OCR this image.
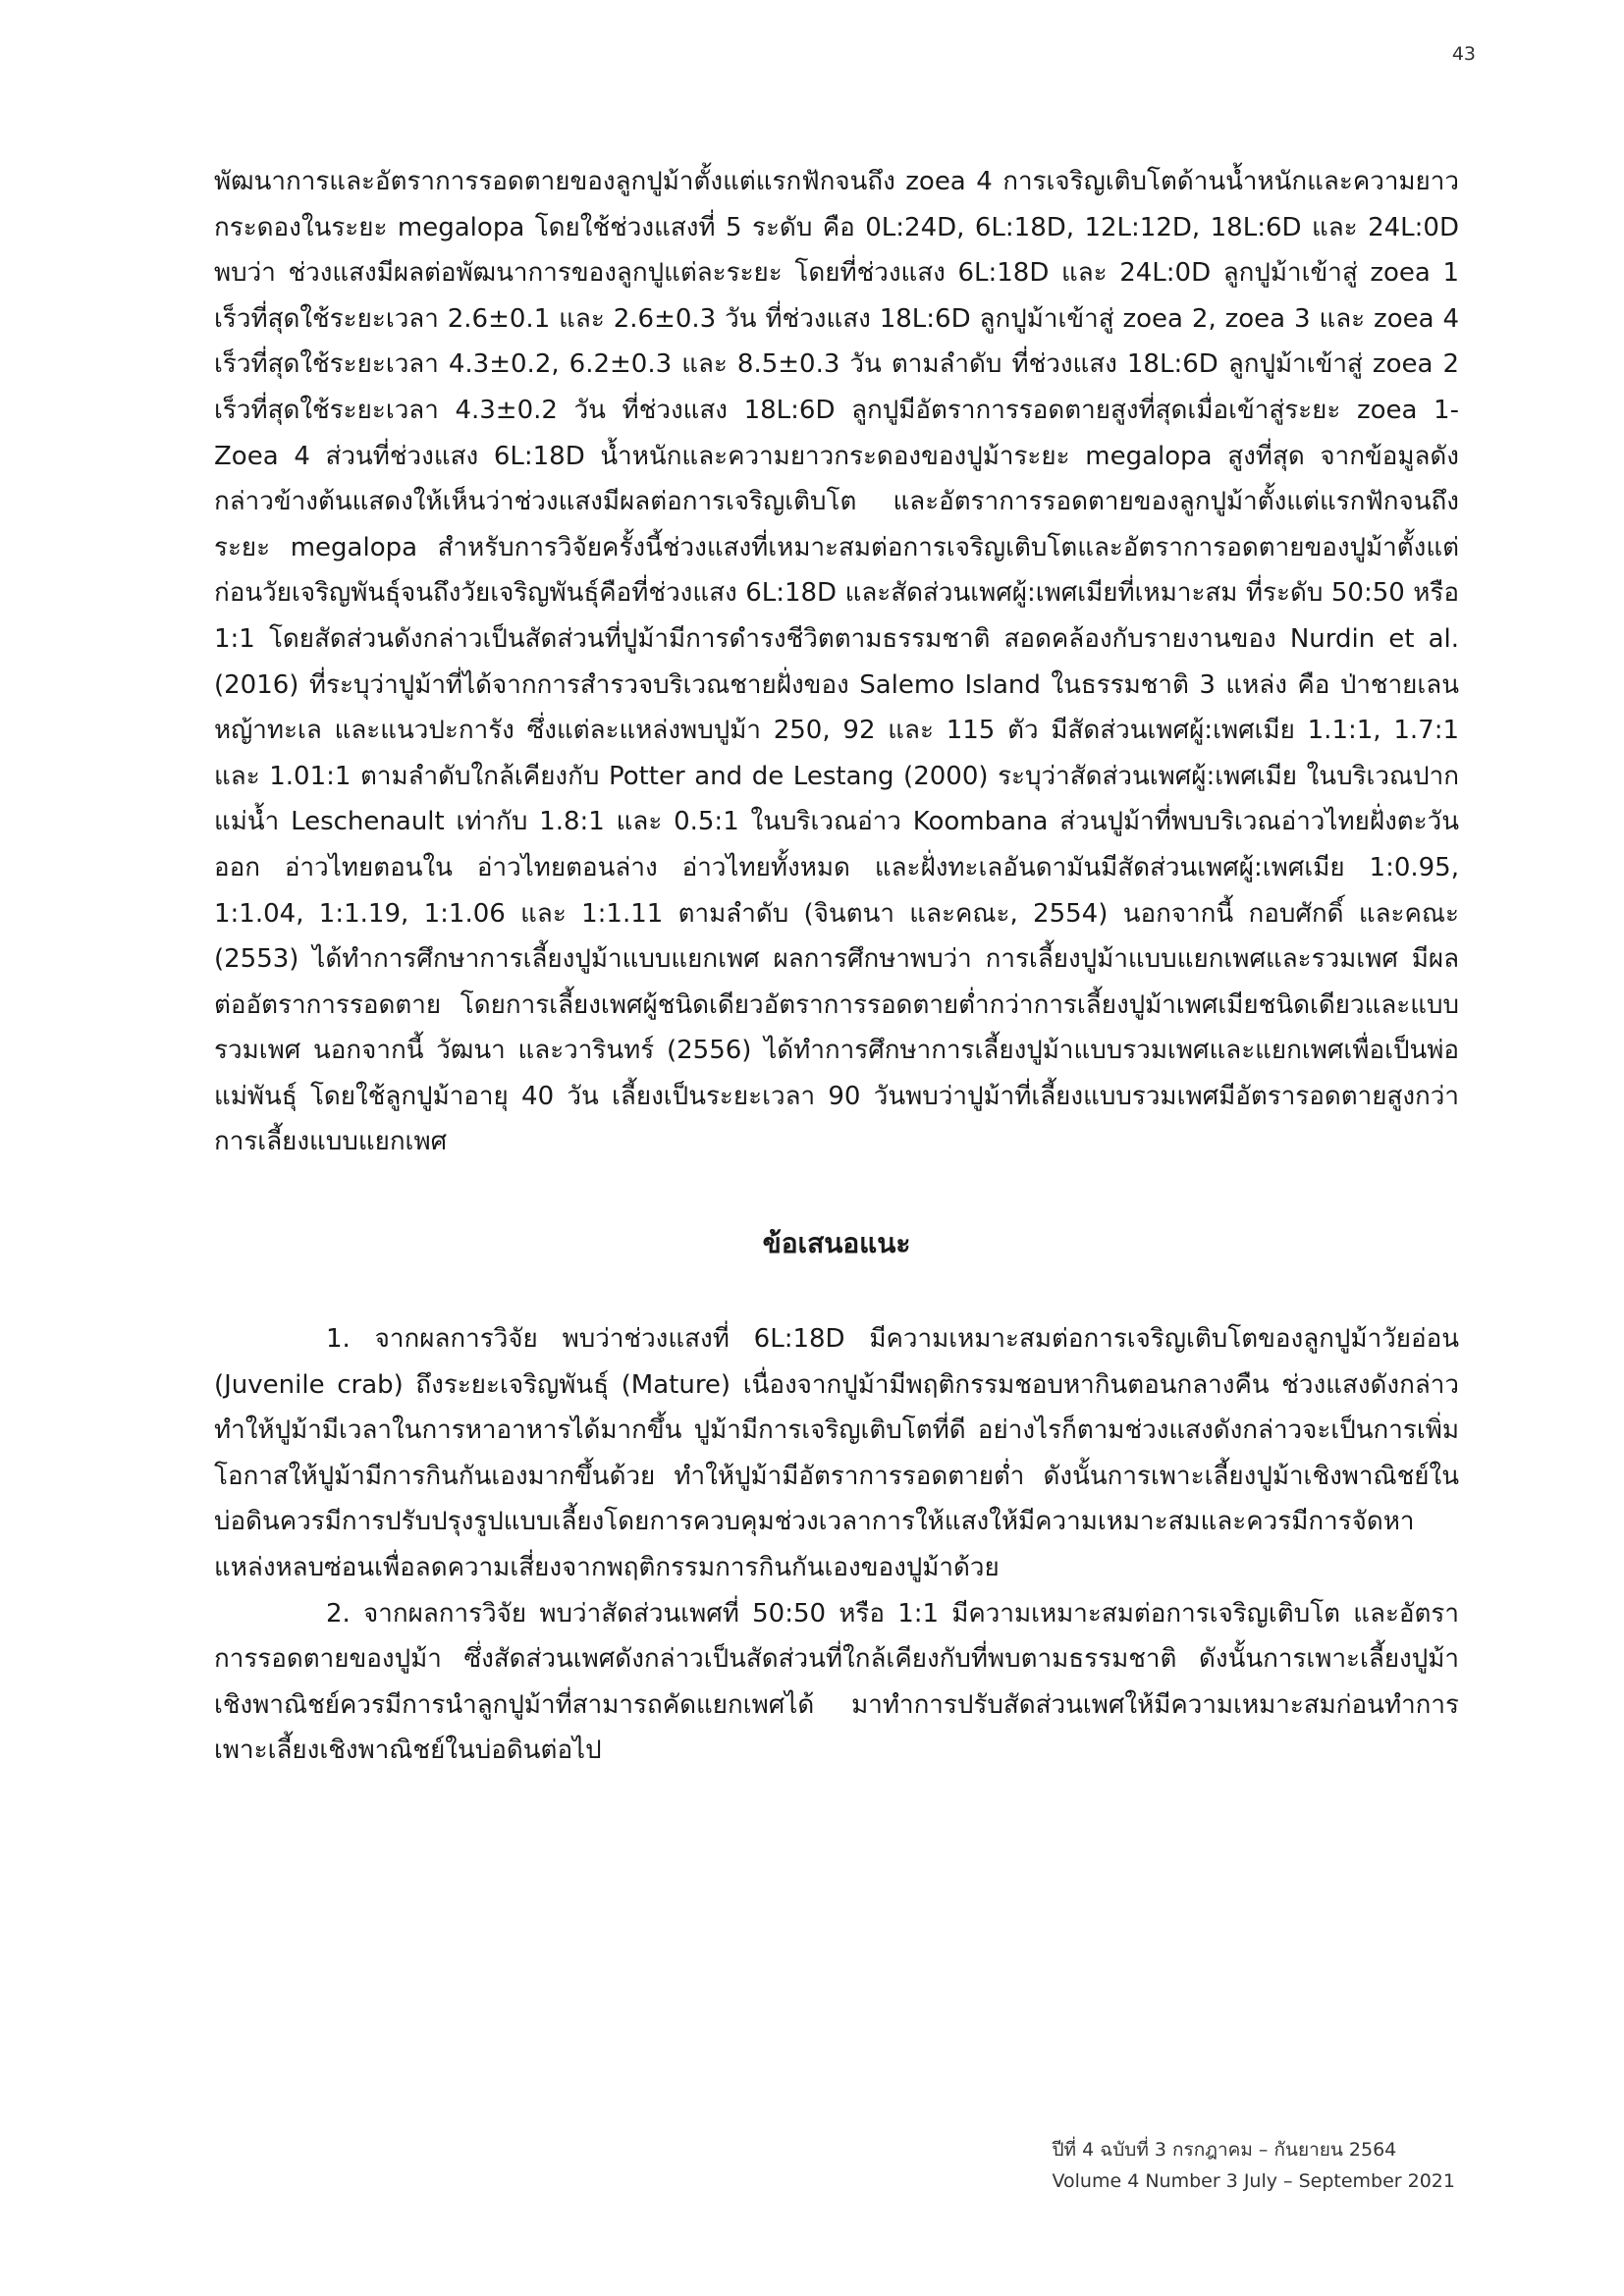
43

พัฒนาการและอัตราการรอดตายของลูกปูม้าตั้งแต่แรกฟักจนถึง zoea 4 การเจริญเติบโตด้านน้ำหนักและความยาวกระดองในระยะ megalopa โดยใช้ช่วงแสงที่ 5 ระดับ คือ 0L:24D, 6L:18D, 12L:12D, 18L:6D และ 24L:0D พบว่า ช่วงแสงมีผลต่อพัฒนาการของลูกปูแต่ละระยะ โดยที่ช่วงแสง 6L:18D และ 24L:0D ลูกปูม้าเข้าสู่ zoea 1 เร็วที่สุดใช้ระยะเวลา 2.6±0.1 และ 2.6±0.3 วัน ที่ช่วงแสง 18L:6D ลูกปูม้าเข้าสู่ zoea 2, zoea 3 และ zoea 4 เร็วที่สุดใช้ระยะเวลา 4.3±0.2, 6.2±0.3 และ 8.5±0.3 วัน ตามลำดับ ที่ช่วงแสง 18L:6D ลูกปูม้าเข้าสู่ zoea 2 เร็วที่สุดใช้ระยะเวลา 4.3±0.2 วัน ที่ช่วงแสง 18L:6D ลูกปูมีอัตราการรอดตายสูงที่สุดเมื่อเข้าสู่ระยะ zoea 1-Zoea 4 ส่วนที่ช่วงแสง 6L:18D น้ำหนักและความยาวกระดองของปูม้าระยะ megalopa สูงที่สุด จากข้อมูลดังกล่าวข้างต้นแสดงให้เห็นว่าช่วงแสงมีผลต่อการเจริญเติบโต และอัตราการรอดตายของลูกปูม้าตั้งแต่แรกฟักจนถึงระยะ megalopa สำหรับการวิจัยครั้งนี้ช่วงแสงที่เหมาะสมต่อการเจริญเติบโตและอัตราการอดตายของปูม้าตั้งแต่ก่อนวัยเจริญพันธุ์จนถึงวัยเจริญพันธุ์คือที่ช่วงแสง 6L:18D และสัดส่วนเพศผู้:เพศเมียที่เหมาะสม ที่ระดับ 50:50 หรือ 1:1 โดยสัดส่วนดังกล่าวเป็นสัดส่วนที่ปูม้ามีการดำรงชีวิตตามธรรมชาติ สอดคล้องกับรายงานของ Nurdin et al. (2016) ที่ระบุว่าปูม้าที่ได้จากการสำรวจบริเวณชายฝั่งของ Salemo Island ในธรรมชาติ 3 แหล่ง คือ ป่าชายเลน หญ้าทะเล และแนวปะการัง ซึ่งแต่ละแหล่งพบปูม้า 250, 92 และ 115 ตัว มีสัดส่วนเพศผู้:เพศเมีย 1.1:1, 1.7:1 และ 1.01:1 ตามลำดับใกล้เคียงกับ Potter and de Lestang (2000) ระบุว่าสัดส่วนเพศผู้:เพศเมีย ในบริเวณปากแม่น้ำ Leschenault เท่ากับ 1.8:1 และ 0.5:1 ในบริเวณอ่าว Koombana ส่วนปูม้าที่พบบริเวณอ่าวไทยฝั่งตะวันออก อ่าวไทยตอนใน อ่าวไทยตอนล่าง อ่าวไทยทั้งหมด และฝั่งทะเลอันดามันมีสัดส่วนเพศผู้:เพศเมีย 1:0.95, 1:1.04, 1:1.19, 1:1.06 และ 1:1.11 ตามลำดับ (จินตนา และคณะ, 2554) นอกจากนี้ กอบศักดิ์ และคณะ (2553) ได้ทำการศึกษาการเลี้ยงปูม้าแบบแยกเพศ ผลการศึกษาพบว่า การเลี้ยงปูม้าแบบแยกเพศและรวมเพศ มีผลต่ออัตราการรอดตาย โดยการเลี้ยงเพศผู้ชนิดเดียวอัตราการรอดตายต่ำกว่าการเลี้ยงปูม้าเพศเมียชนิดเดียวและแบบรวมเพศ นอกจากนี้ วัฒนา และวารินทร์ (2556) ได้ทำการศึกษาการเลี้ยงปูม้าแบบรวมเพศและแยกเพศเพื่อเป็นพ่อแม่พันธุ์ โดยใช้ลูกปูม้าอายุ 40 วัน เลี้ยงเป็นระยะเวลา 90 วันพบว่าปูม้าที่เลี้ยงแบบรวมเพศมีอัตรารอดตายสูงกว่าการเลี้ยงแบบแยกเพศ

ข้อเสนอแนะ

1. จากผลการวิจัย พบว่าช่วงแสงที่ 6L:18D มีความเหมาะสมต่อการเจริญเติบโตของลูกปูม้าวัยอ่อน (Juvenile crab) ถึงระยะเจริญพันธุ์ (Mature) เนื่องจากปูม้ามีพฤติกรรมชอบหากินตอนกลางคืน ช่วงแสงดังกล่าวทำให้ปูม้ามีเวลาในการหาอาหารได้มากขึ้น ปูม้ามีการเจริญเติบโตที่ดี อย่างไรก็ตามช่วงแสงดังกล่าวจะเป็นการเพิ่มโอกาสให้ปูม้ามีการกินกันเองมากขึ้นด้วย ทำให้ปูม้ามีอัตราการรอดตายต่ำ ดังนั้นการเพาะเลี้ยงปูม้าเชิงพาณิชย์ในบ่อดินควรมีการปรับปรุงรูปแบบเลี้ยงโดยการควบคุมช่วงเวลาการให้แสงให้มีความเหมาะสมและควรมีการจัดหาแหล่งหลบซ่อนเพื่อลดความเสี่ยงจากพฤติกรรมการกินกันเองของปูม้าด้วย

2. จากผลการวิจัย พบว่าสัดส่วนเพศที่ 50:50 หรือ 1:1 มีความเหมาะสมต่อการเจริญเติบโต และอัตราการรอดตายของปูม้า ซึ่งสัดส่วนเพศดังกล่าวเป็นสัดส่วนที่ใกล้เคียงกับที่พบตามธรรมชาติ ดังนั้นการเพาะเลี้ยงปูม้าเชิงพาณิชย์ควรมีการนำลูกปูม้าที่สามารถคัดแยกเพศได้ มาทำการปรับสัดส่วนเพศให้มีความเหมาะสมก่อนทำการเพาะเลี้ยงเชิงพาณิชย์ในบ่อดินต่อไป

ปีที่ 4 ฉบับที่ 3 กรกฎาคม – กันยายน 2564
Volume 4 Number 3 July – September 2021
